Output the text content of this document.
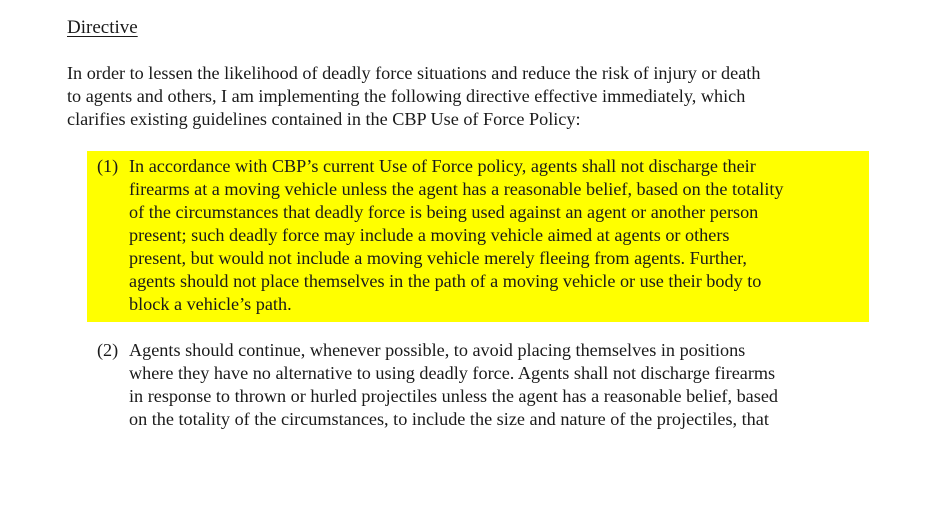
Directive
In order to lessen the likelihood of deadly force situations and reduce the risk of injury or death
to agents and others, I am implementing the following directive effective immediately, which
clarifies existing guidelines contained in the CBP Use of Force Policy:
(1) In accordance with CBP’s current Use of Force policy, agents shall not discharge their
firearms at a moving vehicle unless the agent has a reasonable belief, based on the totality
of the circumstances that deadly force is being used against an agent or another person
present; such deadly force may include a moving vehicle aimed at agents or others
present, but would not include a moving vehicle merely fleeing from agents. Further,
agents should not place themselves in the path of a moving vehicle or use their body to
block a vehicle’s path.
(2) Agents should continue, whenever possible, to avoid placing themselves in positions
where they have no alternative to using deadly force. Agents shall not discharge firearms
in response to thrown or hurled projectiles unless the agent has a reasonable belief, based
on the totality of the circumstances, to include the size and nature of the projectiles, that
